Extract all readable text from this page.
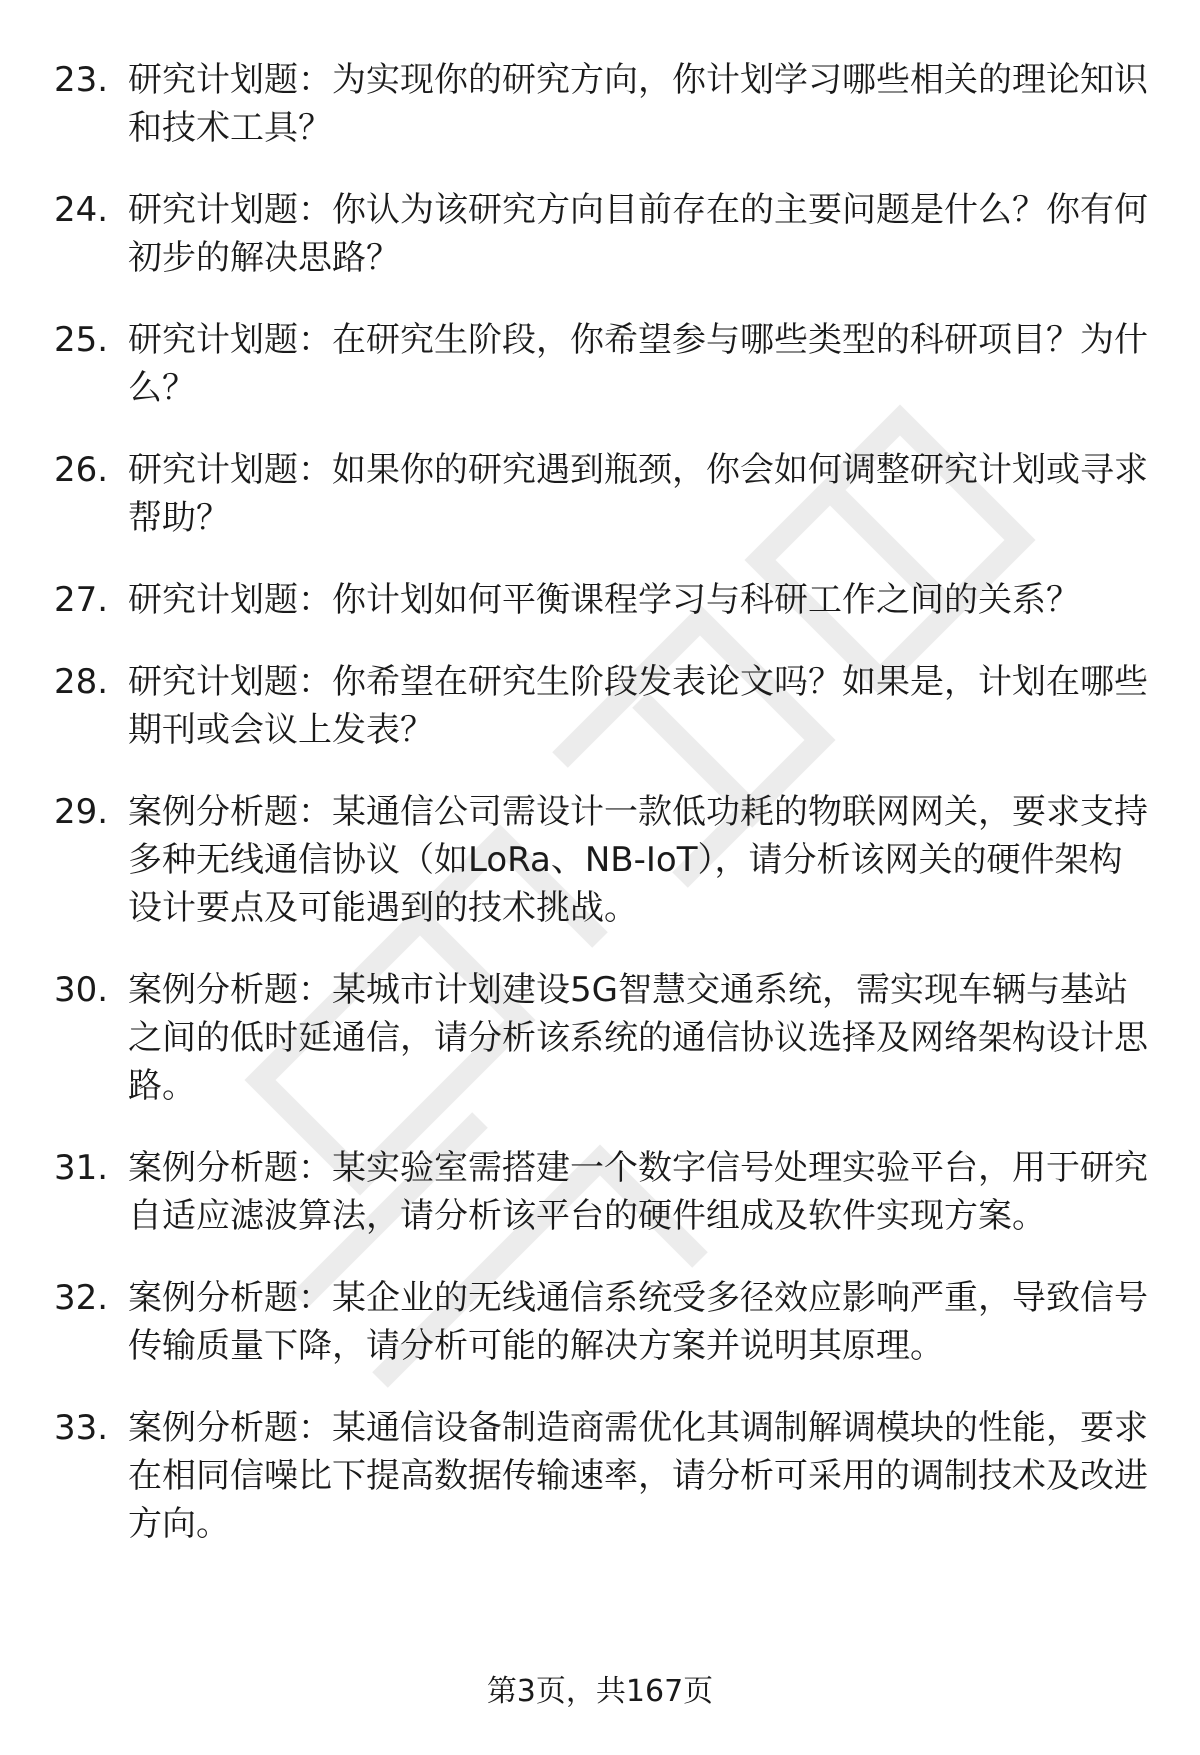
23. 研究计划题：为实现你的研究方向，你计划学习哪些相关的理论知识和技术工具？
24. 研究计划题：你认为该研究方向目前存在的主要问题是什么？你有何初步的解决思路？
25. 研究计划题：在研究生阶段，你希望参与哪些类型的科研项目？为什么？
26. 研究计划题：如果你的研究遇到瓶颈，你会如何调整研究计划或寻求帮助？
27. 研究计划题：你计划如何平衡课程学习与科研工作之间的关系？
28. 研究计划题：你希望在研究生阶段发表论文吗？如果是，计划在哪些期刊或会议上发表？
29. 案例分析题：某通信公司需设计一款低功耗的物联网网关，要求支持多种无线通信协议（如LoRa、NB-IoT），请分析该网关的硬件架构设计要点及可能遇到的技术挑战。
30. 案例分析题：某城市计划建设5G智慧交通系统，需实现车辆与基站之间的低时延通信，请分析该系统的通信协议选择及网络架构设计思路。
31. 案例分析题：某实验室需搭建一个数字信号处理实验平台，用于研究自适应滤波算法，请分析该平台的硬件组成及软件实现方案。
32. 案例分析题：某企业的无线通信系统受多径效应影响严重，导致信号传输质量下降，请分析可能的解决方案并说明其原理。
33. 案例分析题：某通信设备制造商需优化其调制解调模块的性能，要求在相同信噪比下提高数据传输速率，请分析可采用的调制技术及改进方向。
第3页，共167页
